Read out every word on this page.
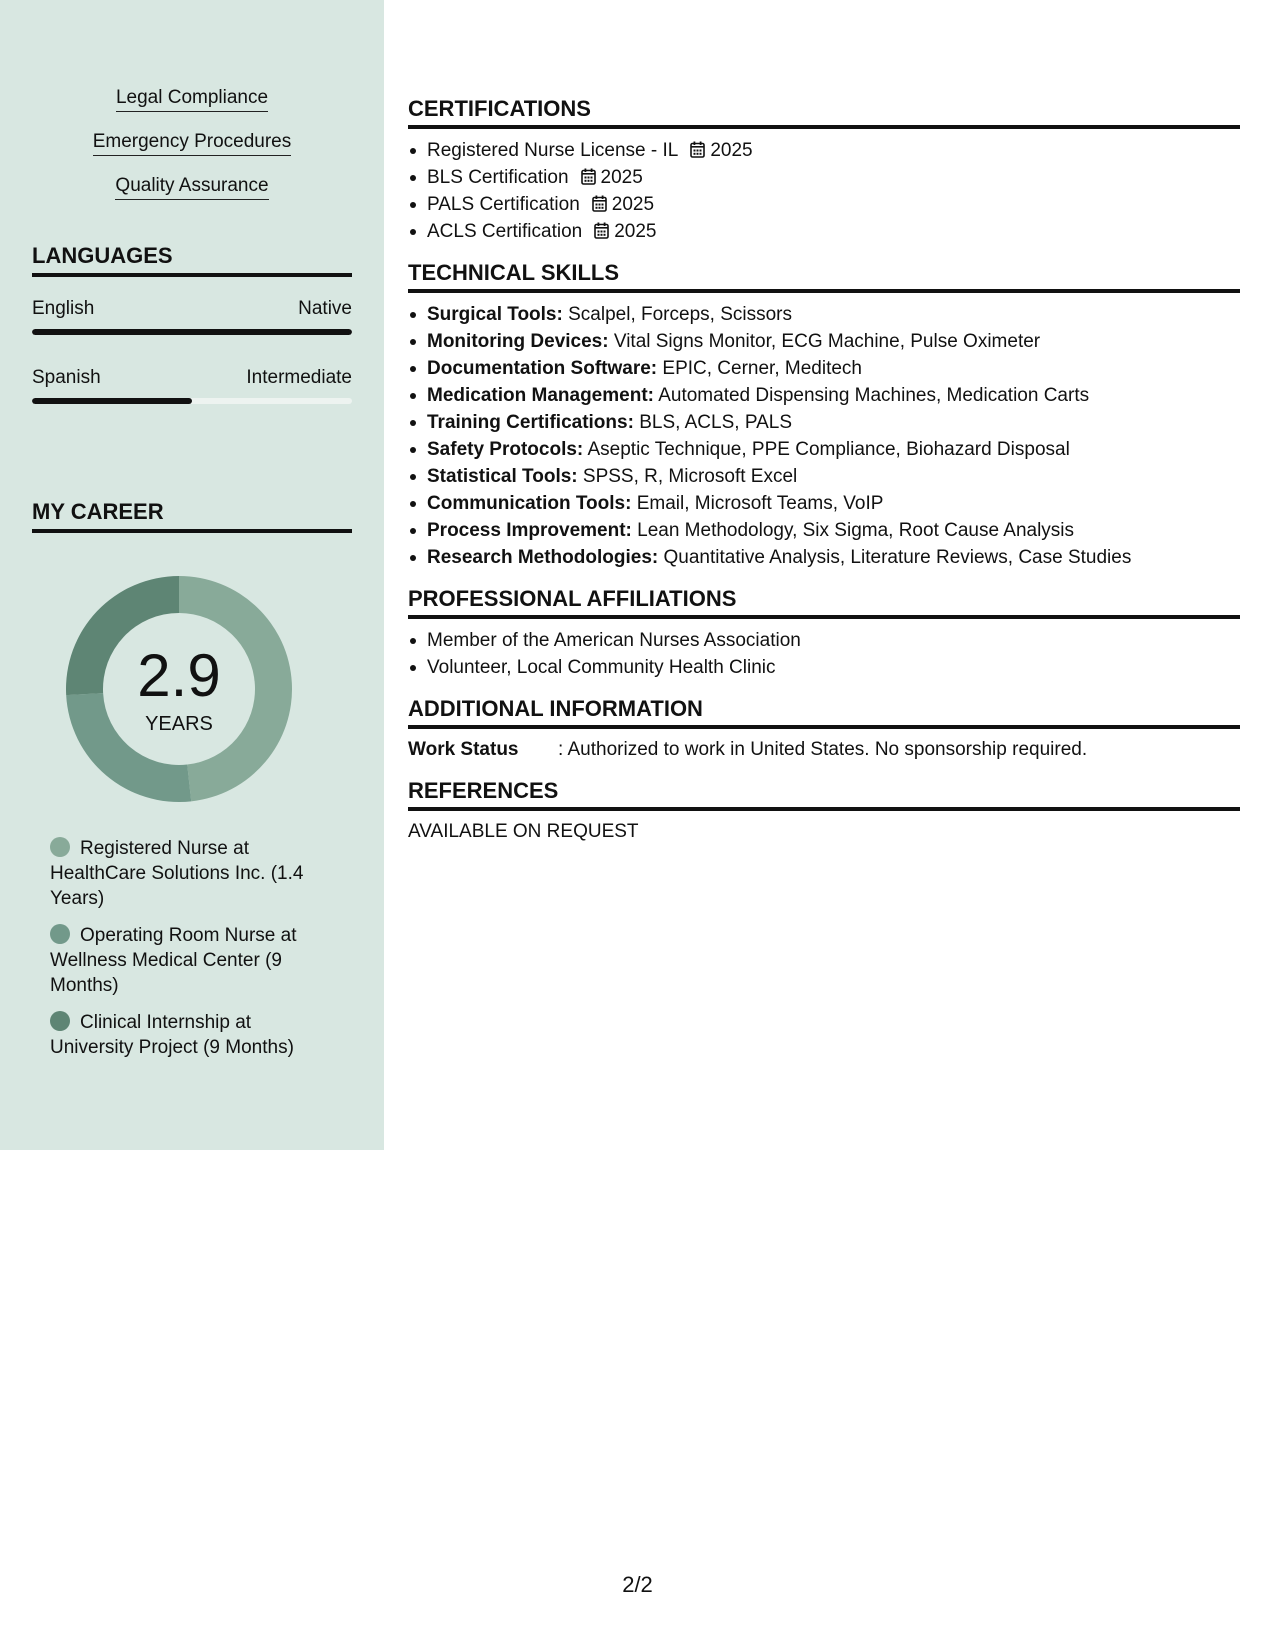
Legal Compliance
Emergency Procedures
Quality Assurance
LANGUAGES
English	Native
Spanish	Intermediate
MY CAREER
2.9
YEARS
Registered Nurse at HealthCare Solutions Inc. (1.4 Years)
Operating Room Nurse at Wellness Medical Center (9 Months)
Clinical Internship at University Project (9 Months)
CERTIFICATIONS
Registered Nurse License - IL 2025
BLS Certification 2025
PALS Certification 2025
ACLS Certification 2025
TECHNICAL SKILLS
Surgical Tools: Scalpel, Forceps, Scissors
Monitoring Devices: Vital Signs Monitor, ECG Machine, Pulse Oximeter
Documentation Software: EPIC, Cerner, Meditech
Medication Management: Automated Dispensing Machines, Medication Carts
Training Certifications: BLS, ACLS, PALS
Safety Protocols: Aseptic Technique, PPE Compliance, Biohazard Disposal
Statistical Tools: SPSS, R, Microsoft Excel
Communication Tools: Email, Microsoft Teams, VoIP
Process Improvement: Lean Methodology, Six Sigma, Root Cause Analysis
Research Methodologies: Quantitative Analysis, Literature Reviews, Case Studies
PROFESSIONAL AFFILIATIONS
Member of the American Nurses Association
Volunteer, Local Community Health Clinic
ADDITIONAL INFORMATION
Work Status : Authorized to work in United States. No sponsorship required.
REFERENCES
AVAILABLE ON REQUEST
2/2
